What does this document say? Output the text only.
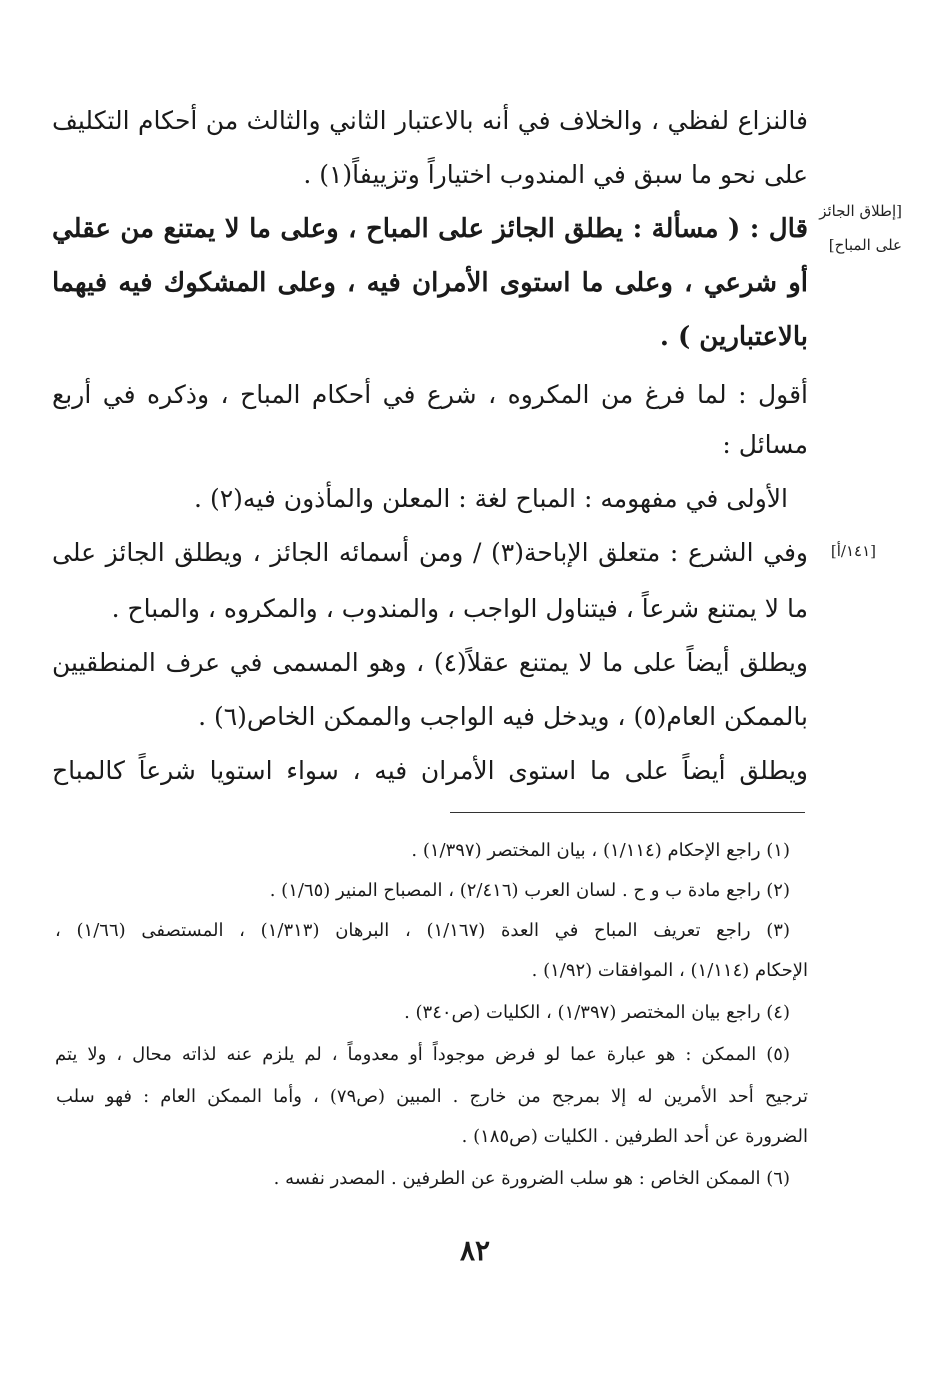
[إطلاق الجائز
على المباح]
[١٤١/أ]
فالنزاع لفظي ، والخلاف في أنه بالاعتبار الثاني والثالث من أحكام التكليف
على نحو ما سبق في المندوب اختياراً وتزييفاً(١) .
قال : ( مسألة : يطلق الجائز على المباح ، وعلى ما لا يمتنع من عقلي
أو شرعي ، وعلى ما استوى الأمران فيه ، وعلى المشكوك فيه فيهما
بالاعتبارين ) .
أقول : لما فرغ من المكروه ، شرع في أحكام المباح ، وذكره في أربع
مسائل :
الأولى في مفهومه : المباح لغة : المعلن والمأذون فيه(٢) .
وفي الشرع : متعلق الإباحة(٣) / ومن أسمائه الجائز ، ويطلق الجائز على
ما لا يمتنع شرعاً ، فيتناول الواجب ، والمندوب ، والمكروه ، والمباح .
ويطلق أيضاً على ما لا يمتنع عقلاً(٤) ، وهو المسمى في عرف المنطقيين
بالممكن العام(٥) ، ويدخل فيه الواجب والممكن الخاص(٦) .
ويطلق أيضاً على ما استوى الأمران فيه ، سواء استويا شرعاً كالمباح
(١) راجع الإحكام (١/١١٤) ، بيان المختصر (١/٣٩٧) .
(٢) راجع مادة ب و ح . لسان العرب (٢/٤١٦) ، المصباح المنير (١/٦٥) .
(٣) راجع تعريف المباح في العدة (١/١٦٧) ، البرهان (١/٣١٣) ، المستصفى (١/٦٦) ،
الإحكام (١/١١٤) ، الموافقات (١/٩٢) .
(٤) راجع بيان المختصر (١/٣٩٧) ، الكليات (ص٣٤٠) .
(٥) الممكن : هو عبارة عما لو فرض موجوداً أو معدوماً ، لم يلزم عنه لذاته محال ، ولا يتم
ترجيح أحد الأمرين له إلا بمرجح من خارج . المبين (ص٧٩) ، وأما الممكن العام : فهو سلب
الضرورة عن أحد الطرفين . الكليات (ص١٨٥) .
(٦) الممكن الخاص : هو سلب الضرورة عن الطرفين . المصدر نفسه .
٨٢
